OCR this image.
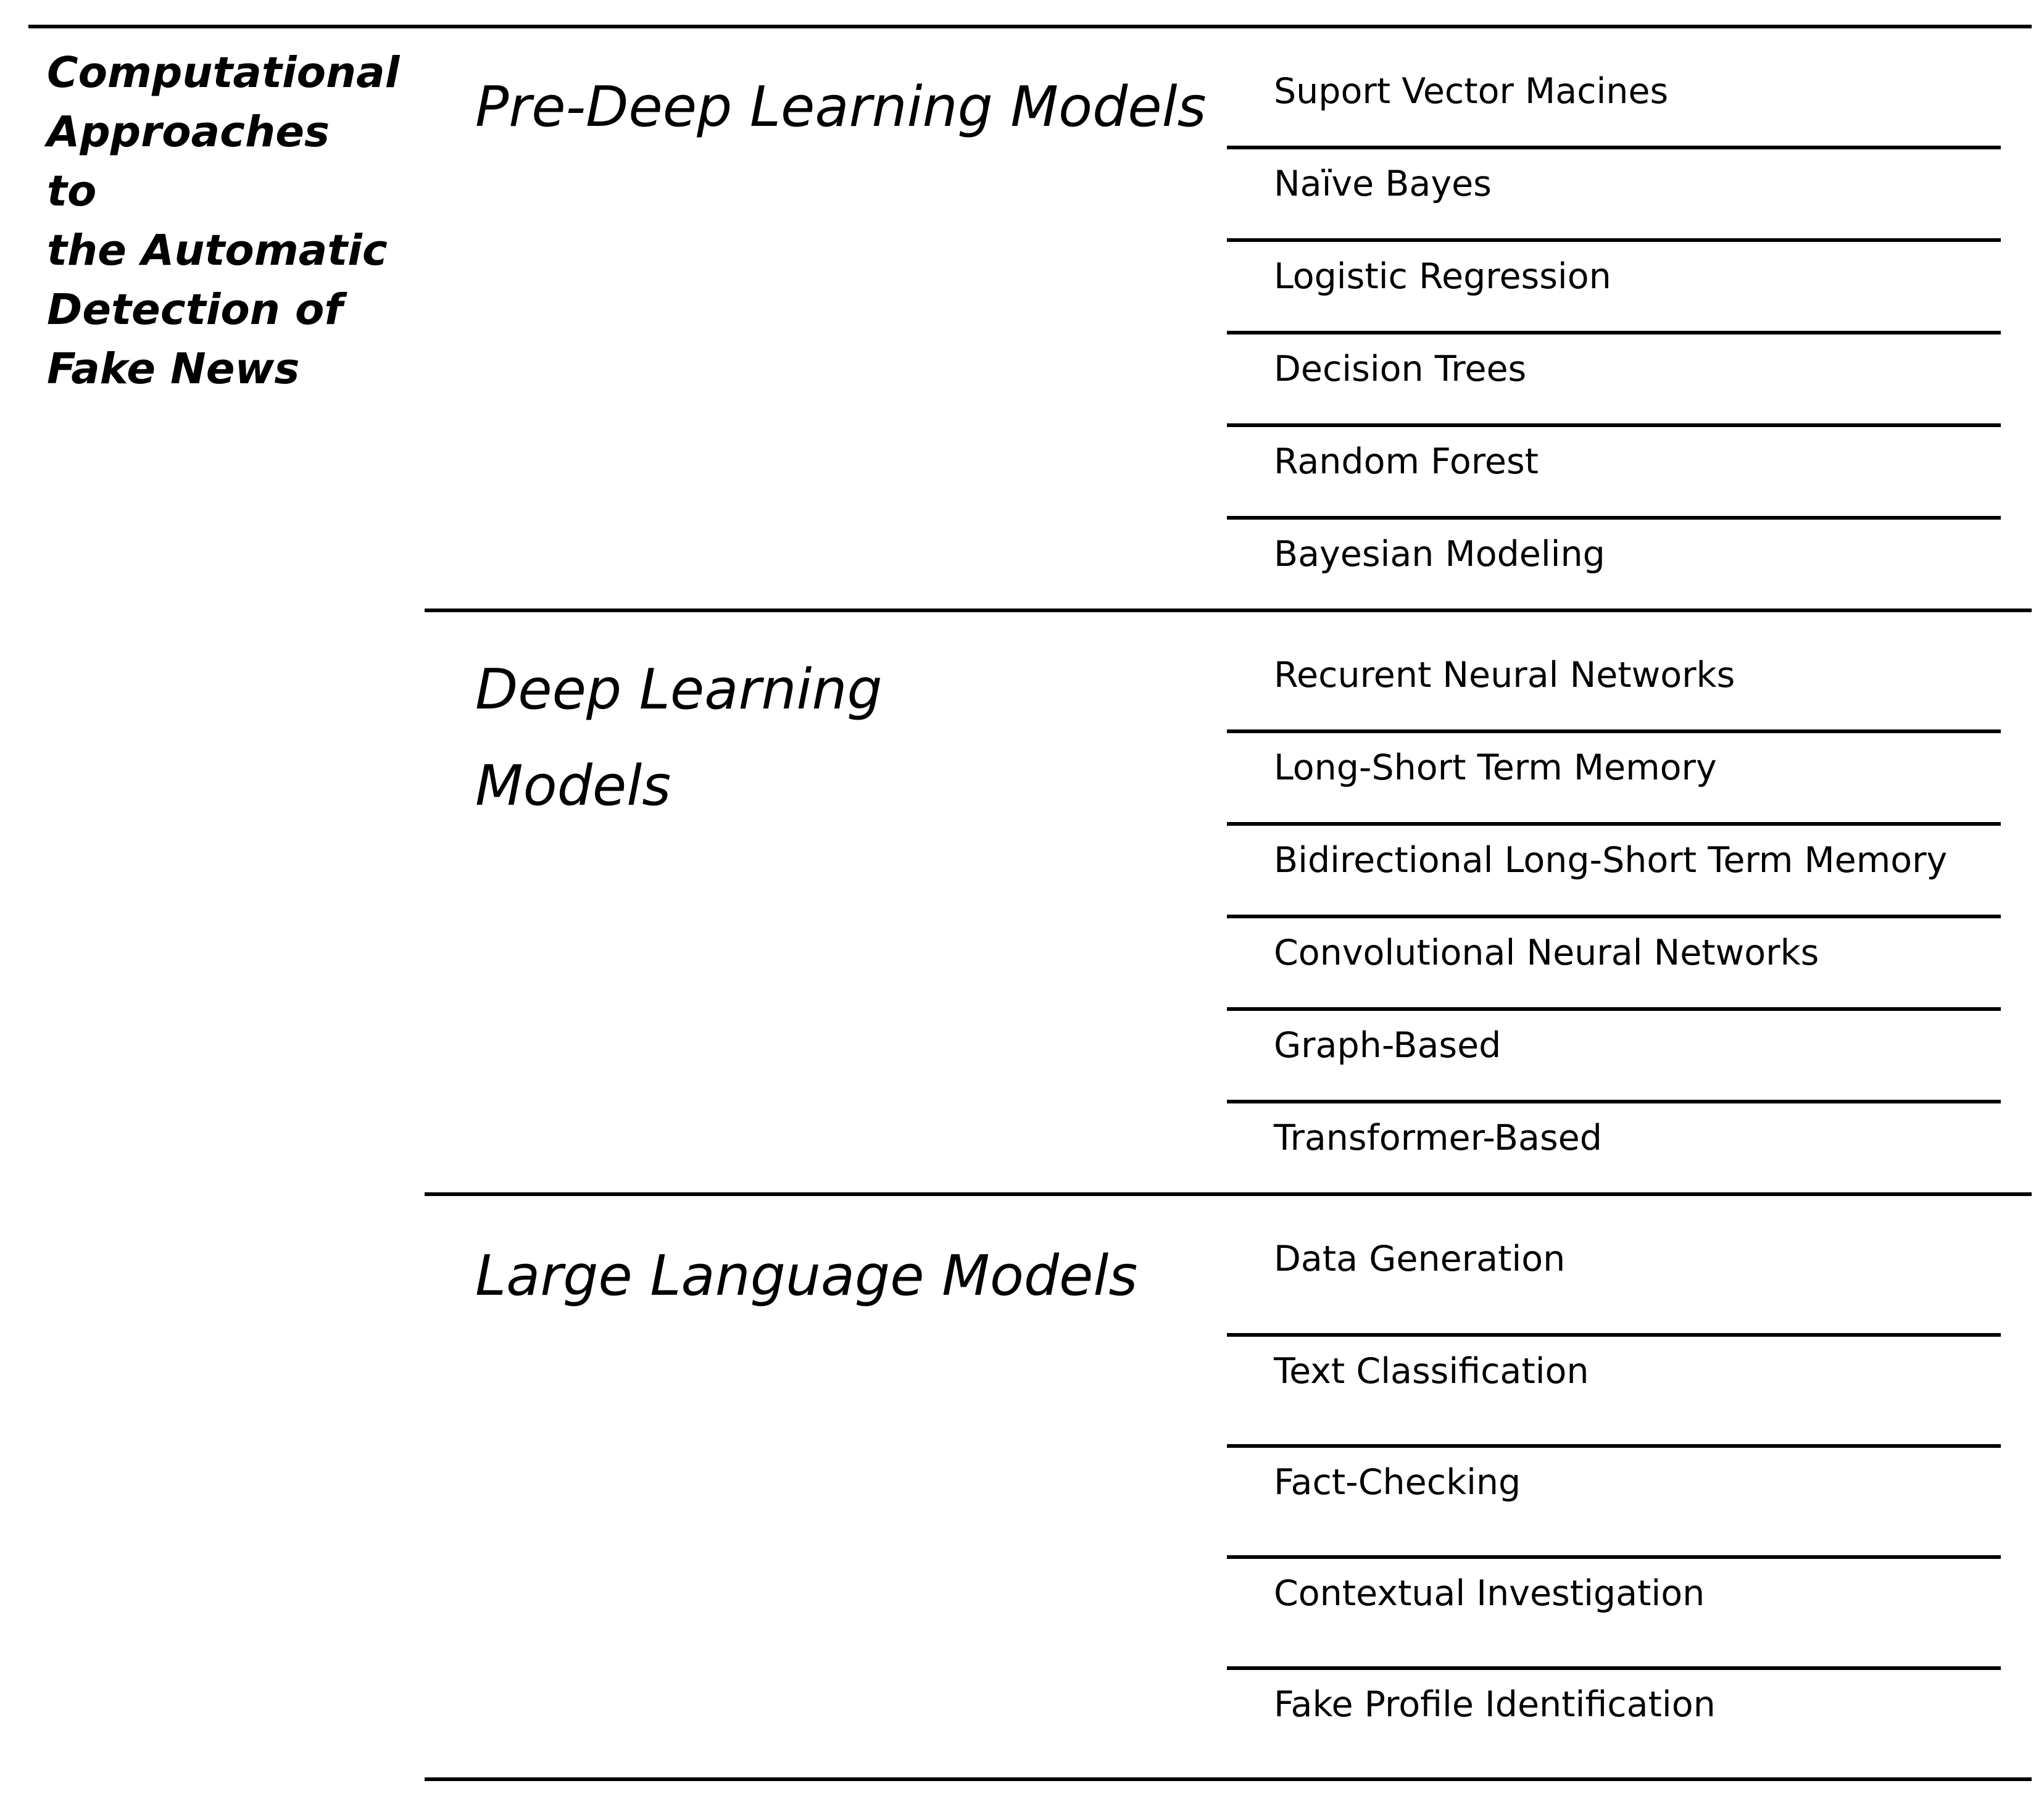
Computational
Approaches to
the Automatic
Detection of
Fake News
Pre-Deep Learning Models Suport Vector Macines
Naïve Bayes
Logistic Regression
Decision Trees
Random Forest
Bayesian Modeling
Deep Learning
Models
Recurent Neural Networks
Long-Short Term Memory
Bidirectional Long-Short Term Memory
Convolutional Neural Networks
Graph-Based
Transformer-Based
Large Language Models	Data Generation
Text Classification
Fact-Checking
Contextual Investigation
Fake Profile Identification
